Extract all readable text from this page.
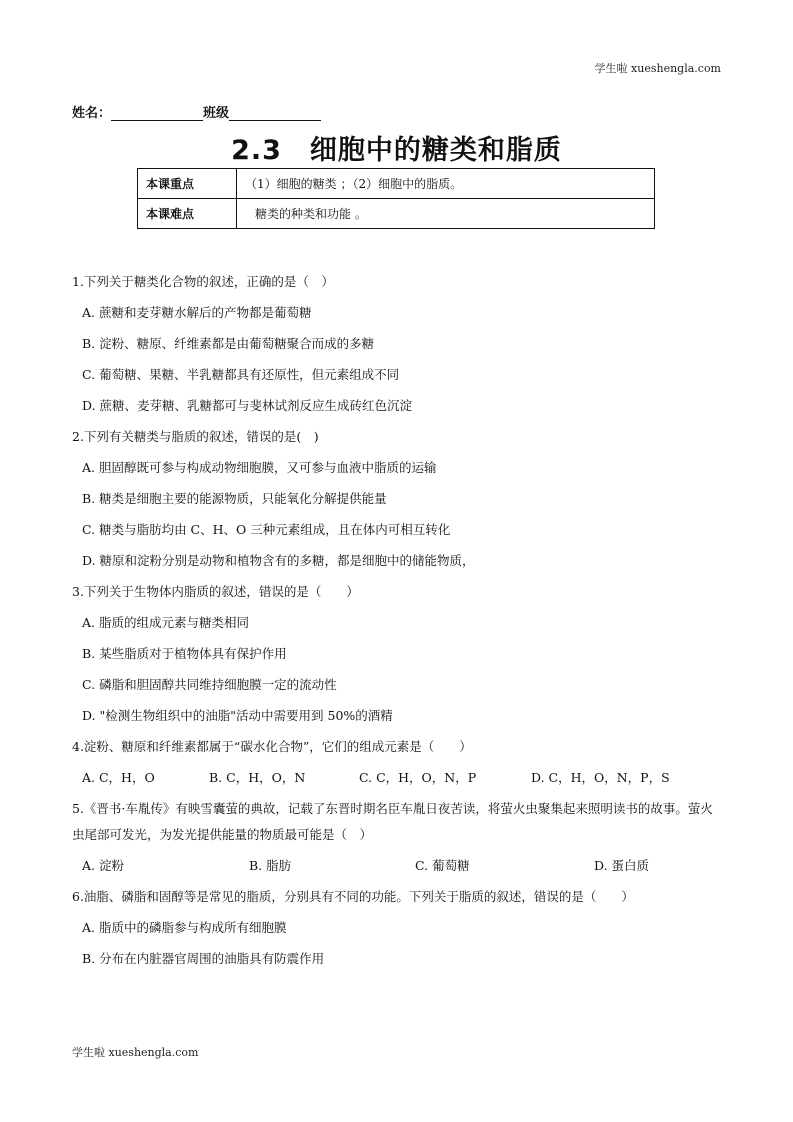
学生啦 xueshengla.com
姓名：	班级
2.3　细胞中的糖类和脂质
本课重点	（1）细胞的糖类 ；（2）细胞中的脂质。
本课难点	糖类的种类和功能 。
1.下列关于糖类化合物的叙述，正确的是（　）
A. 蔗糖和麦芽糖水解后的产物都是葡萄糖
B. 淀粉、糖原、纤维素都是由葡萄糖聚合而成的多糖
C. 葡萄糖、果糖、半乳糖都具有还原性，但元素组成不同
D. 蔗糖、麦芽糖、乳糖都可与斐林试剂反应生成砖红色沉淀
2.下列有关糖类与脂质的叙述，错误的是(　)
A. 胆固醇既可参与构成动物细胞膜，又可参与血液中脂质的运输
B. 糖类是细胞主要的能源物质，只能氧化分解提供能量
C. 糖类与脂肪均由 C、H、O 三种元素组成，且在体内可相互转化
D. 糖原和淀粉分别是动物和植物含有的多糖，都是细胞中的储能物质，
3.下列关于生物体内脂质的叙述，错误的是（　　）
A. 脂质的组成元素与糖类相同
B. 某些脂质对于植物体具有保护作用
C. 磷脂和胆固醇共同维持细胞膜一定的流动性
D. "检测生物组织中的油脂"活动中需要用到 50%的酒精
4.淀粉、糖原和纤维素都属于“碳水化合物”，它们的组成元素是（　　）
A. C，H，O	B. C，H，O，N	C. C，H，O，N，P	D. C，H，O，N，P，S
5.《晋书·车胤传》有映雪囊萤的典故，记载了东晋时期名臣车胤日夜苦读，将萤火虫聚集起来照明读书的故事。萤火虫尾部可发光，为发光提供能量的物质最可能是（　）
A. 淀粉	B. 脂肪	C. 葡萄糖	D. 蛋白质
6.油脂、磷脂和固醇等是常见的脂质，分别具有不同的功能。下列关于脂质的叙述，错误的是（　　）
A. 脂质中的磷脂参与构成所有细胞膜
B. 分布在内脏器官周围的油脂具有防震作用
学生啦 xueshengla.com
